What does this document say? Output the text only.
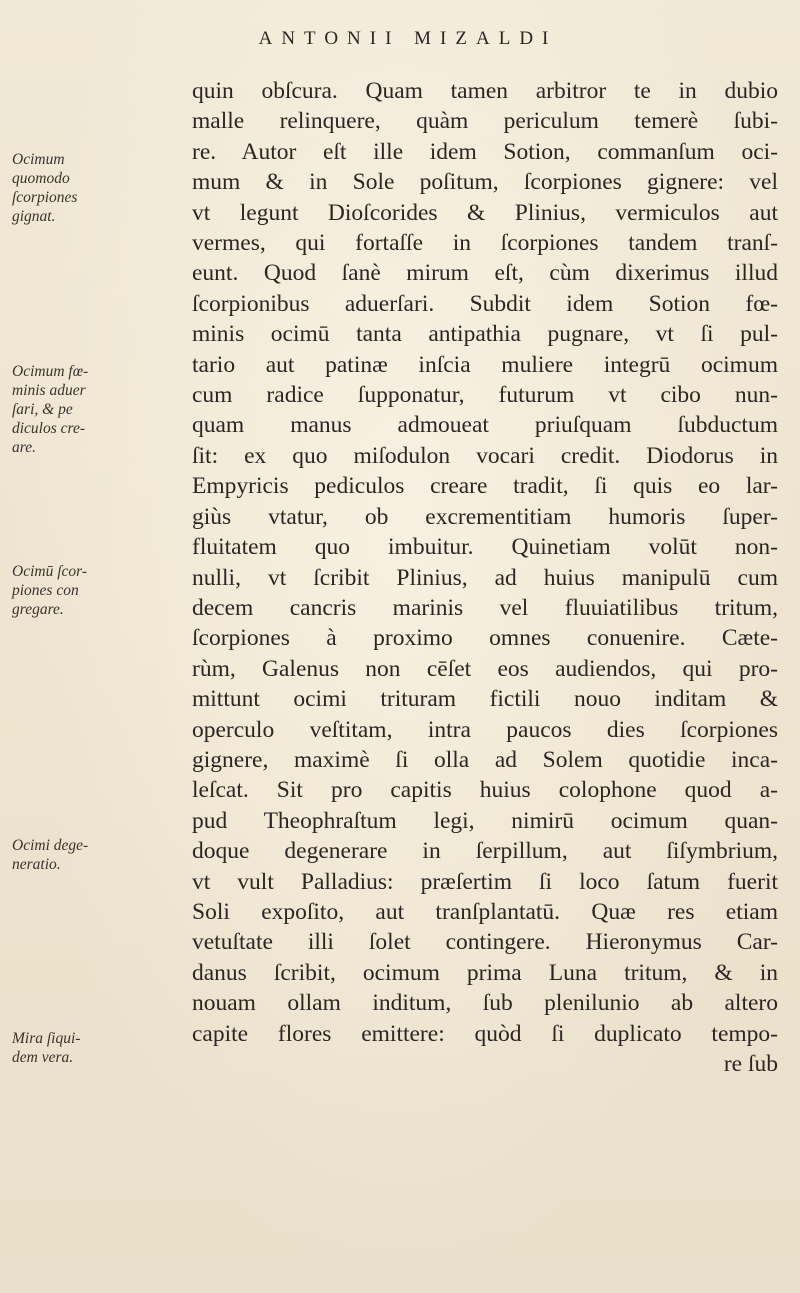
ANTONII MIZALDI
quin obſcura. Quam tamen arbitror te in dubio
malle relinquere, quàm periculum temerè ſubi-
re. Autor eſt ille idem Sotion, commanſum oci-
mum & in Sole poſitum, ſcorpiones gignere: vel
vt legunt Dioſcorides & Plinius, vermiculos aut
vermes, qui fortaſſe in ſcorpiones tandem tranſ-
eunt. Quod ſanè mirum eſt, cùm dixerimus illud
ſcorpionibus aduerſari. Subdit idem Sotion fœ-
minis ocimū tanta antipathia pugnare, vt ſi pul-
tario aut patinæ inſcia muliere integrū ocimum
cum radice ſupponatur, futurum vt cibo nun-
quam manus admoueat priuſquam ſubductum
ſit: ex quo miſodulon vocari credit. Diodorus in
Empyricis pediculos creare tradit, ſi quis eo lar-
giùs vtatur, ob excrementitiam humoris ſuper-
fluitatem quo imbuitur. Quinetiam volūt non-
nulli, vt ſcribit Plinius, ad huius manipulū cum
decem cancris marinis vel fluuiatilibus tritum,
ſcorpiones à proximo omnes conuenire. Cæte-
rùm, Galenus non cēſet eos audiendos, qui pro-
mittunt ocimi trituram fictili nouo inditam &
operculo veſtitam, intra paucos dies ſcorpiones
gignere, maximè ſi olla ad Solem quotidie inca-
leſcat. Sit pro capitis huius colophone quod a-
pud Theophraſtum legi, nimirū ocimum quan-
doque degenerare in ſerpillum, aut ſiſymbrium,
vt vult Palladius: præſertim ſi loco ſatum fuerit
Soli expoſito, aut tranſplantatū. Quæ res etiam
vetuſtate illi ſolet contingere. Hieronymus Car-
danus ſcribit, ocimum prima Luna tritum, & in
nouam ollam inditum, ſub plenilunio ab altero
capite flores emittere: quòd ſi duplicato tempo-
re ſub
Ocimum
quomodo
ſcorpiones
gignat.
Ocimum fœ-
minis aduer
ſari, & pe
diculos cre-
are.
Ocimū ſcor-
piones con
gregare.
Ocimi dege-
neratio.
Mira ſiqui-
dem vera.
